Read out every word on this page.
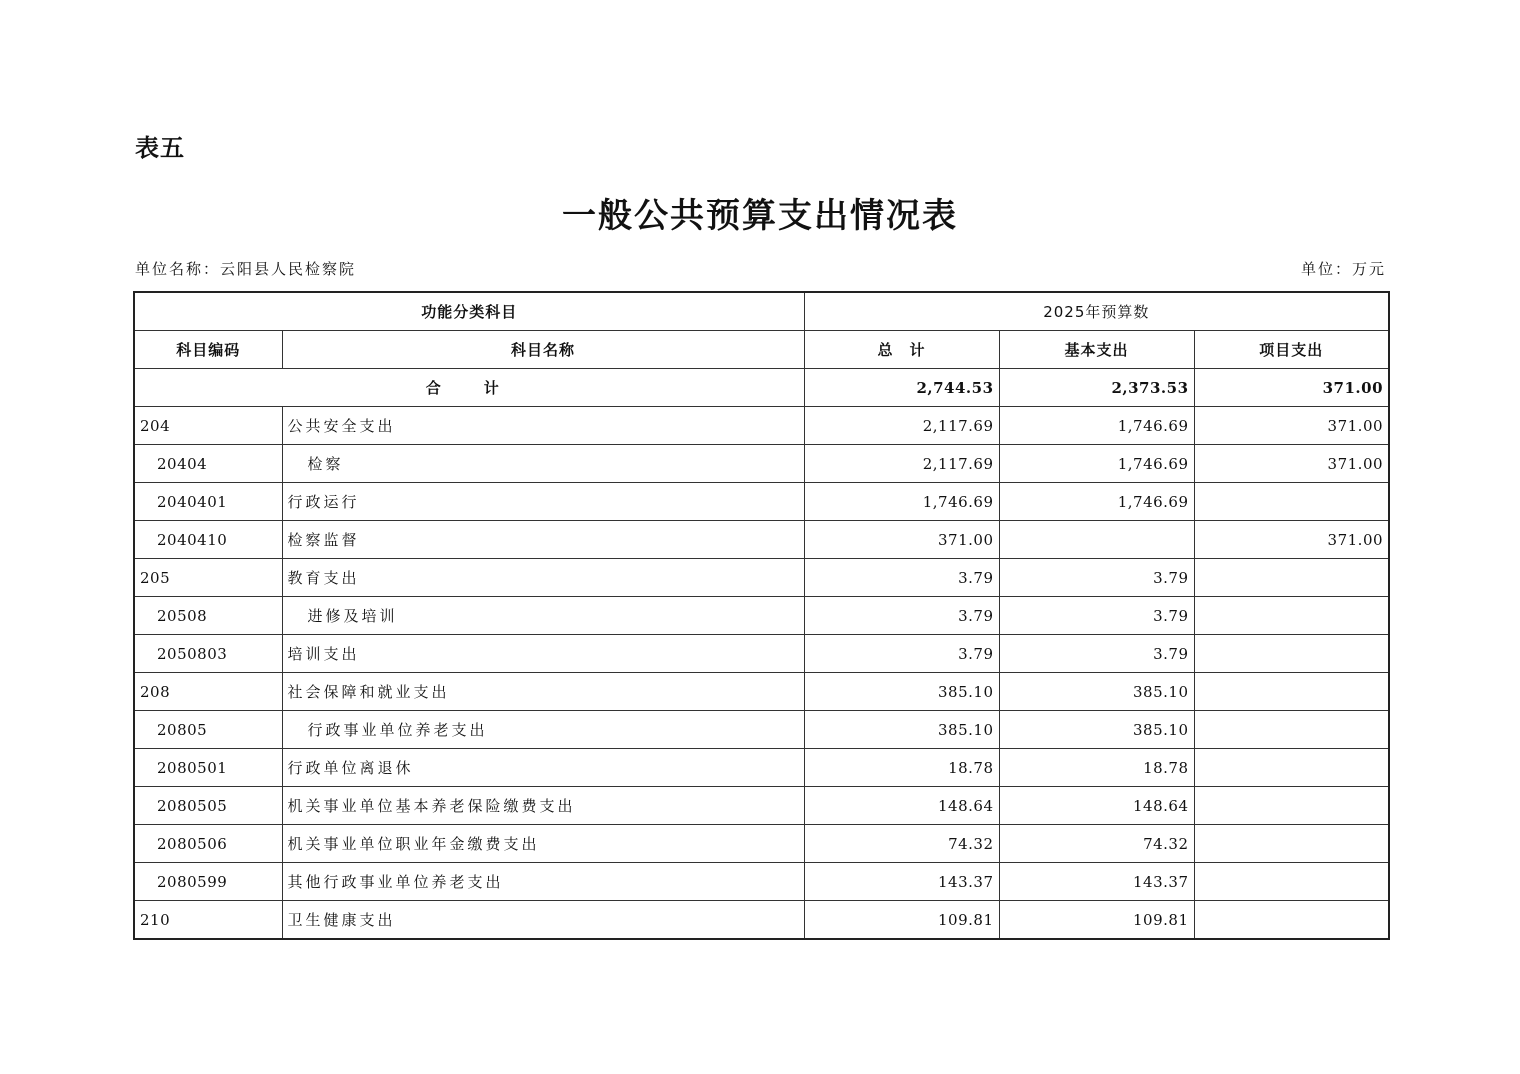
表五
一般公共预算支出情况表
单位名称：云阳县人民检察院	单位：万元
功能分类科目		2025年预算数		
科目编码	科目名称	总　计	基本支出	项目支出
合　计		2,744.53	2,373.53	371.00
204	公共安全支出	2,117.69	1,746.69	371.00
20404	检察	2,117.69	1,746.69	371.00
2040401	行政运行	1,746.69	1,746.69	
2040410	检察监督	371.00		371.00
205	教育支出	3.79	3.79	
20508	进修及培训	3.79	3.79	
2050803	培训支出	3.79	3.79	
208	社会保障和就业支出	385.10	385.10	
20805	行政事业单位养老支出	385.10	385.10	
2080501	行政单位离退休	18.78	18.78	
2080505	机关事业单位基本养老保险缴费支出	148.64	148.64	
2080506	机关事业单位职业年金缴费支出	74.32	74.32	
2080599	其他行政事业单位养老支出	143.37	143.37	
210	卫生健康支出	109.81	109.81	
